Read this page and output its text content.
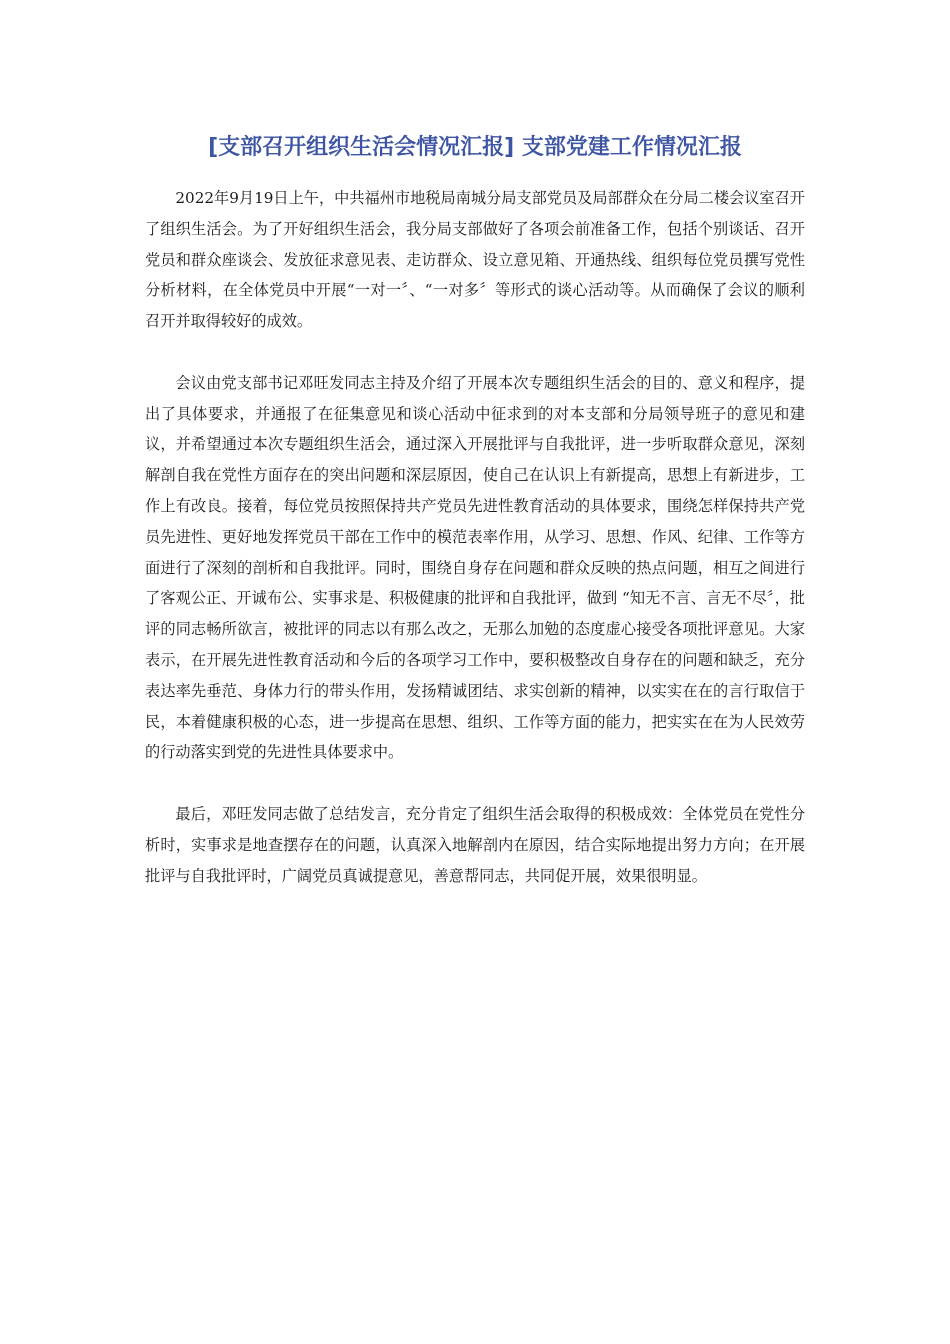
[支部召开组织生活会情况汇报] 支部党建工作情况汇报

2022年9月19日上午，中共福州市地税局南城分局支部党员及局部群众在分局二楼会议室召开了组织生活会。为了开好组织生活会，我分局支部做好了各项会前准备工作，包括个别谈话、召开党员和群众座谈会、发放征求意见表、走访群众、设立意见箱、开通热线、组织每位党员撰写党性分析材料，在全体党员中开展“一对一〞、“一对多〞等形式的谈心活动等。从而确保了会议的顺利召开并取得较好的成效。

会议由党支部书记邓旺发同志主持及介绍了开展本次专题组织生活会的目的、意义和程序，提出了具体要求，并通报了在征集意见和谈心活动中征求到的对本支部和分局领导班子的意见和建议，并希望通过本次专题组织生活会，通过深入开展批评与自我批评，进一步听取群众意见，深刻解剖自我在党性方面存在的突出问题和深层原因，使自己在认识上有新提高，思想上有新进步，工作上有改良。接着，每位党员按照保持共产党员先进性教育活动的具体要求，围绕怎样保持共产党员先进性、更好地发挥党员干部在工作中的模范表率作用，从学习、思想、作风、纪律、工作等方面进行了深刻的剖析和自我批评。同时，围绕自身存在问题和群众反映的热点问题，相互之间进行了客观公正、开诚布公、实事求是、积极健康的批评和自我批评，做到 “知无不言、言无不尽〞，批评的同志畅所欲言，被批评的同志以有那么改之，无那么加勉的态度虚心接受各项批评意见。大家表示，在开展先进性教育活动和今后的各项学习工作中，要积极整改自身存在的问题和缺乏，充分表达率先垂范、身体力行的带头作用，发扬精诚团结、求实创新的精神，以实实在在的言行取信于民，本着健康积极的心态，进一步提高在思想、组织、工作等方面的能力，把实实在在为人民效劳的行动落实到党的先进性具体要求中。

最后，邓旺发同志做了总结发言，充分肯定了组织生活会取得的积极成效：全体党员在党性分析时，实事求是地查摆存在的问题，认真深入地解剖内在原因，结合实际地提出努力方向；在开展批评与自我批评时，广阔党员真诚提意见，善意帮同志，共同促开展，效果很明显。
